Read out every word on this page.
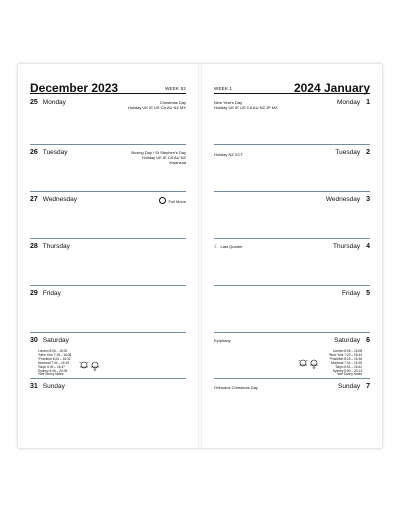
December 2023	WEEK 52
25 Monday	Christmas Day
Holiday UK IE US CA AU NZ MX
26 Tuesday	Boxing Day / St Stephen's Day
Holiday UK IE CA AU NZ
Kwanzaa
27 Wednesday	Full Moon
28 Thursday
29 Friday
30 Saturday
London 8:06 – 16:00
*New York 7:18 – 16:38
*Frankfurt 8:24 – 16:32
Montreal 7:34 – 16:19
Tokyo 6:49 – 16:37
Sydney 5:46 – 20:09
*see Sunny Notes
31 Sunday
2024 January
WEEK 1
Monday 1
New Year's Day
Holiday UK IE US CA AU NZ JP MX
Tuesday 2
Holiday NZ SCT
Wednesday 3
Thursday 4
☾ Last Quarter
Friday 5
Saturday 6
Epiphany
London 8:06 – 16:08
*New York 7:20 – 16:44
*Frankfurt 8:24 – 16:36
Montreal 7:34 – 16:25
Tokyo 6:51 – 16:42
Sydney 5:50 – 20:13
*see Sunny Notes
Sunday 7
Orthodox Christmas Day
